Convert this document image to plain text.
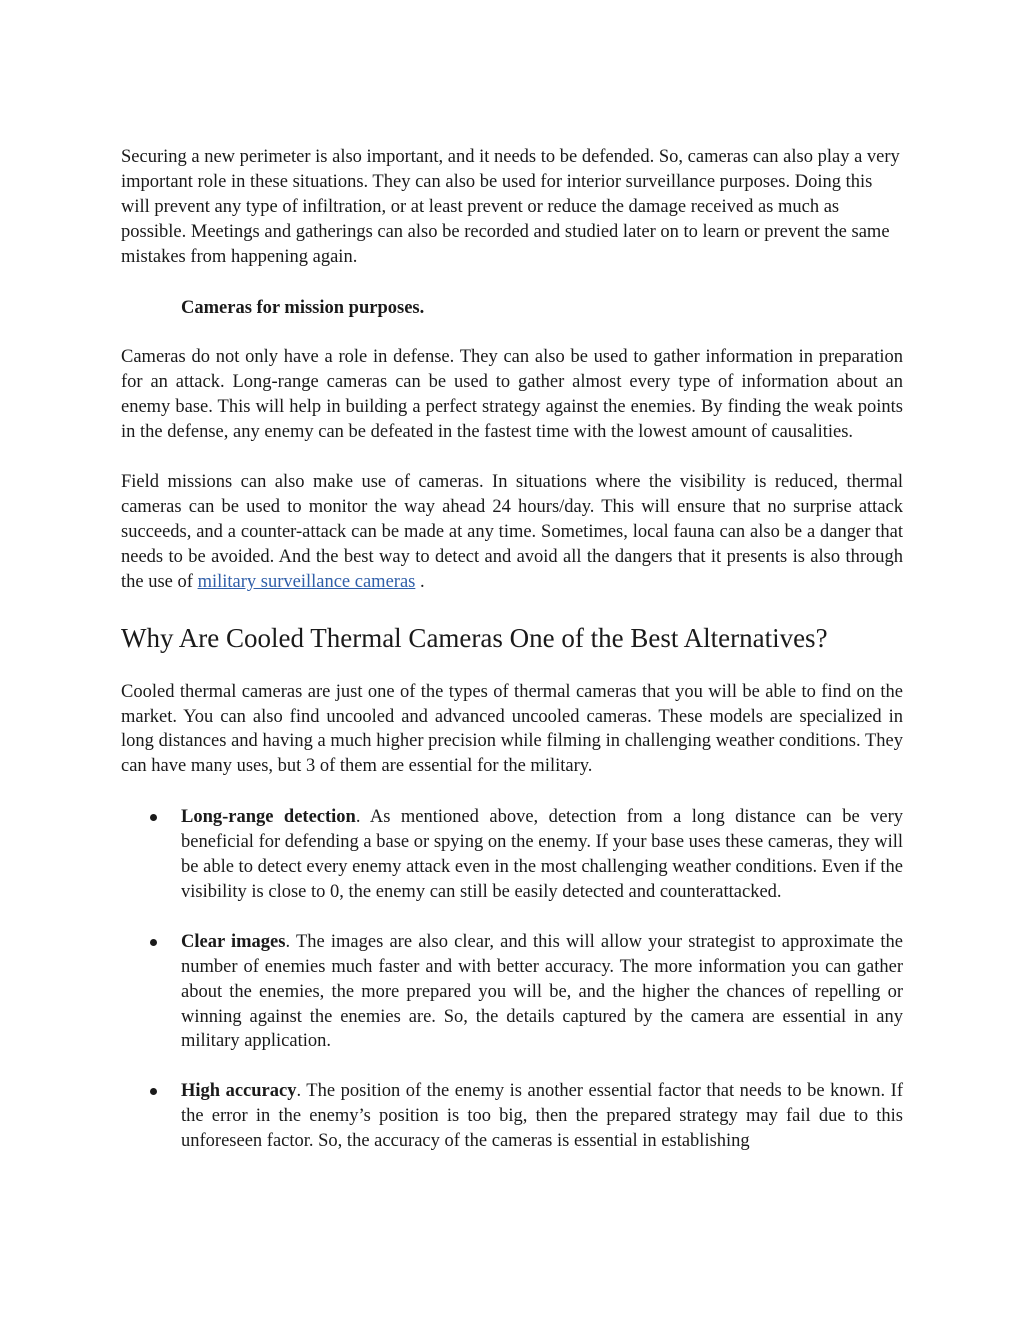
Securing a new perimeter is also important, and it needs to be defended. So, cameras can also play a very important role in these situations. They can also be used for interior surveillance purposes. Doing this will prevent any type of infiltration, or at least prevent or reduce the damage received as much as possible. Meetings and gatherings can also be recorded and studied later on to learn or prevent the same mistakes from happening again.

Cameras for mission purposes.

Cameras do not only have a role in defense. They can also be used to gather information in preparation for an attack. Long-range cameras can be used to gather almost every type of information about an enemy base. This will help in building a perfect strategy against the enemies. By finding the weak points in the defense, any enemy can be defeated in the fastest time with the lowest amount of causalities.

Field missions can also make use of cameras. In situations where the visibility is reduced, thermal cameras can be used to monitor the way ahead 24 hours/day. This will ensure that no surprise attack succeeds, and a counter-attack can be made at any time. Sometimes, local fauna can also be a danger that needs to be avoided. And the best way to detect and avoid all the dangers that it presents is also through the use of military surveillance cameras .

Why Are Cooled Thermal Cameras One of the Best Alternatives?

Cooled thermal cameras are just one of the types of thermal cameras that you will be able to find on the market. You can also find uncooled and advanced uncooled cameras. These models are specialized in long distances and having a much higher precision while filming in challenging weather conditions. They can have many uses, but 3 of them are essential for the military.

Long-range detection. As mentioned above, detection from a long distance can be very beneficial for defending a base or spying on the enemy. If your base uses these cameras, they will be able to detect every enemy attack even in the most challenging weather conditions. Even if the visibility is close to 0, the enemy can still be easily detected and counterattacked.
Clear images. The images are also clear, and this will allow your strategist to approximate the number of enemies much faster and with better accuracy. The more information you can gather about the enemies, the more prepared you will be, and the higher the chances of repelling or winning against the enemies are. So, the details captured by the camera are essential in any military application.
High accuracy. The position of the enemy is another essential factor that needs to be known. If the error in the enemy’s position is too big, then the prepared strategy may fail due to this unforeseen factor. So, the accuracy of the cameras is essential in establishing
